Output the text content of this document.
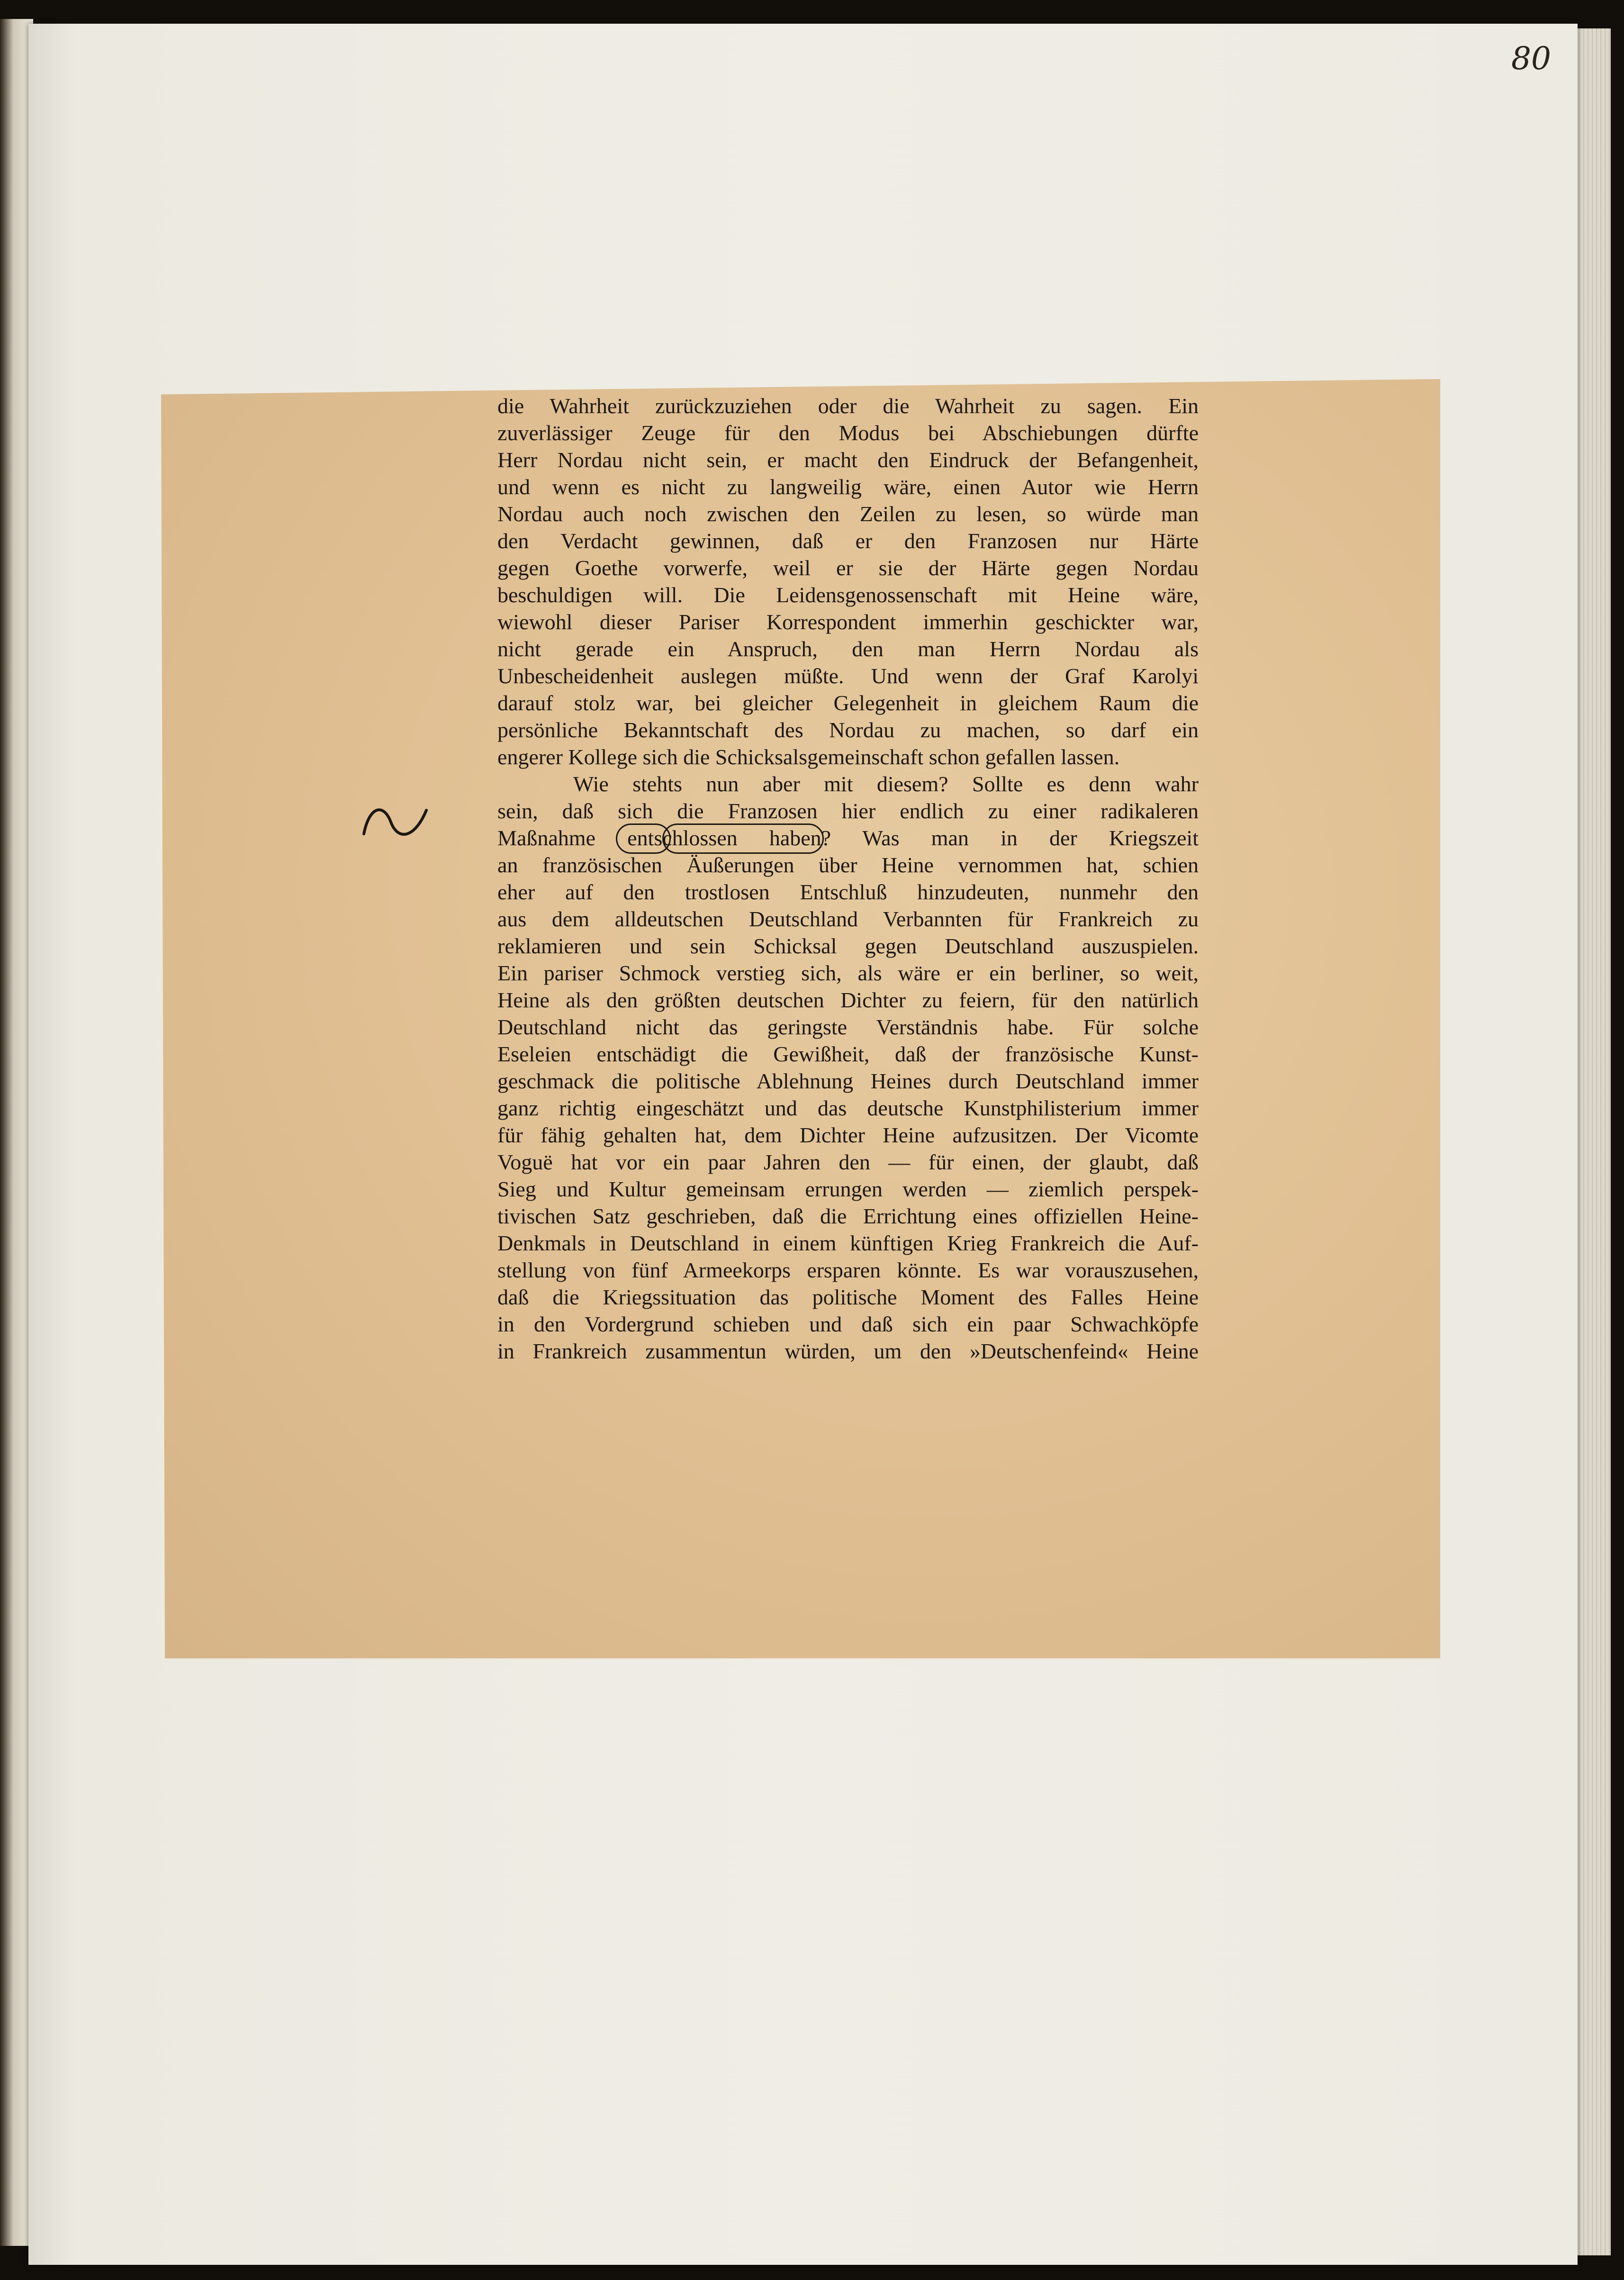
80
die Wahrheit zurückzuziehen oder die Wahrheit zu sagen. Ein
zuverlässiger Zeuge für den Modus bei Abschiebungen dürfte
Herr Nordau nicht sein, er macht den Eindruck der Befangenheit,
und wenn es nicht zu langweilig wäre, einen Autor wie Herrn
Nordau auch noch zwischen den Zeilen zu lesen, so würde man
den Verdacht gewinnen, daß er den Franzosen nur Härte
gegen Goethe vorwerfe, weil er sie der Härte gegen Nordau
beschuldigen will. Die Leidensgenossenschaft mit Heine wäre,
wiewohl dieser Pariser Korrespondent immerhin geschickter war,
nicht gerade ein Anspruch, den man Herrn Nordau als
Unbescheidenheit auslegen müßte. Und wenn der Graf Karolyi
darauf stolz war, bei gleicher Gelegenheit in gleichem Raum die
persönliche Bekanntschaft des Nordau zu machen, so darf ein
engerer Kollege sich die Schicksalsgemeinschaft schon gefallen lassen.
Wie stehts nun aber mit diesem? Sollte es denn wahr
sein, daß sich die Franzosen hier endlich zu einer radikaleren
Maßnahme entschlossen haben? Was man in der Kriegszeit
an französischen Äußerungen über Heine vernommen hat, schien
eher auf den trostlosen Entschluß hinzudeuten, nunmehr den
aus dem alldeutschen Deutschland Verbannten für Frankreich zu
reklamieren und sein Schicksal gegen Deutschland auszuspielen.
Ein pariser Schmock verstieg sich, als wäre er ein berliner, so weit,
Heine als den größten deutschen Dichter zu feiern, für den natürlich
Deutschland nicht das geringste Verständnis habe. Für solche
Eseleien entschädigt die Gewißheit, daß der französische Kunst-
geschmack die politische Ablehnung Heines durch Deutschland immer
ganz richtig eingeschätzt und das deutsche Kunstphilisterium immer
für fähig gehalten hat, dem Dichter Heine aufzusitzen. Der Vicomte
Voguë hat vor ein paar Jahren den — für einen, der glaubt, daß
Sieg und Kultur gemeinsam errungen werden — ziemlich perspek-
tivischen Satz geschrieben, daß die Errichtung eines offiziellen Heine-
Denkmals in Deutschland in einem künftigen Krieg Frankreich die Auf-
stellung von fünf Armeekorps ersparen könnte. Es war vorauszusehen,
daß die Kriegssituation das politische Moment des Falles Heine
in den Vordergrund schieben und daß sich ein paar Schwachköpfe
in Frankreich zusammentun würden, um den »Deutschenfeind« Heine
